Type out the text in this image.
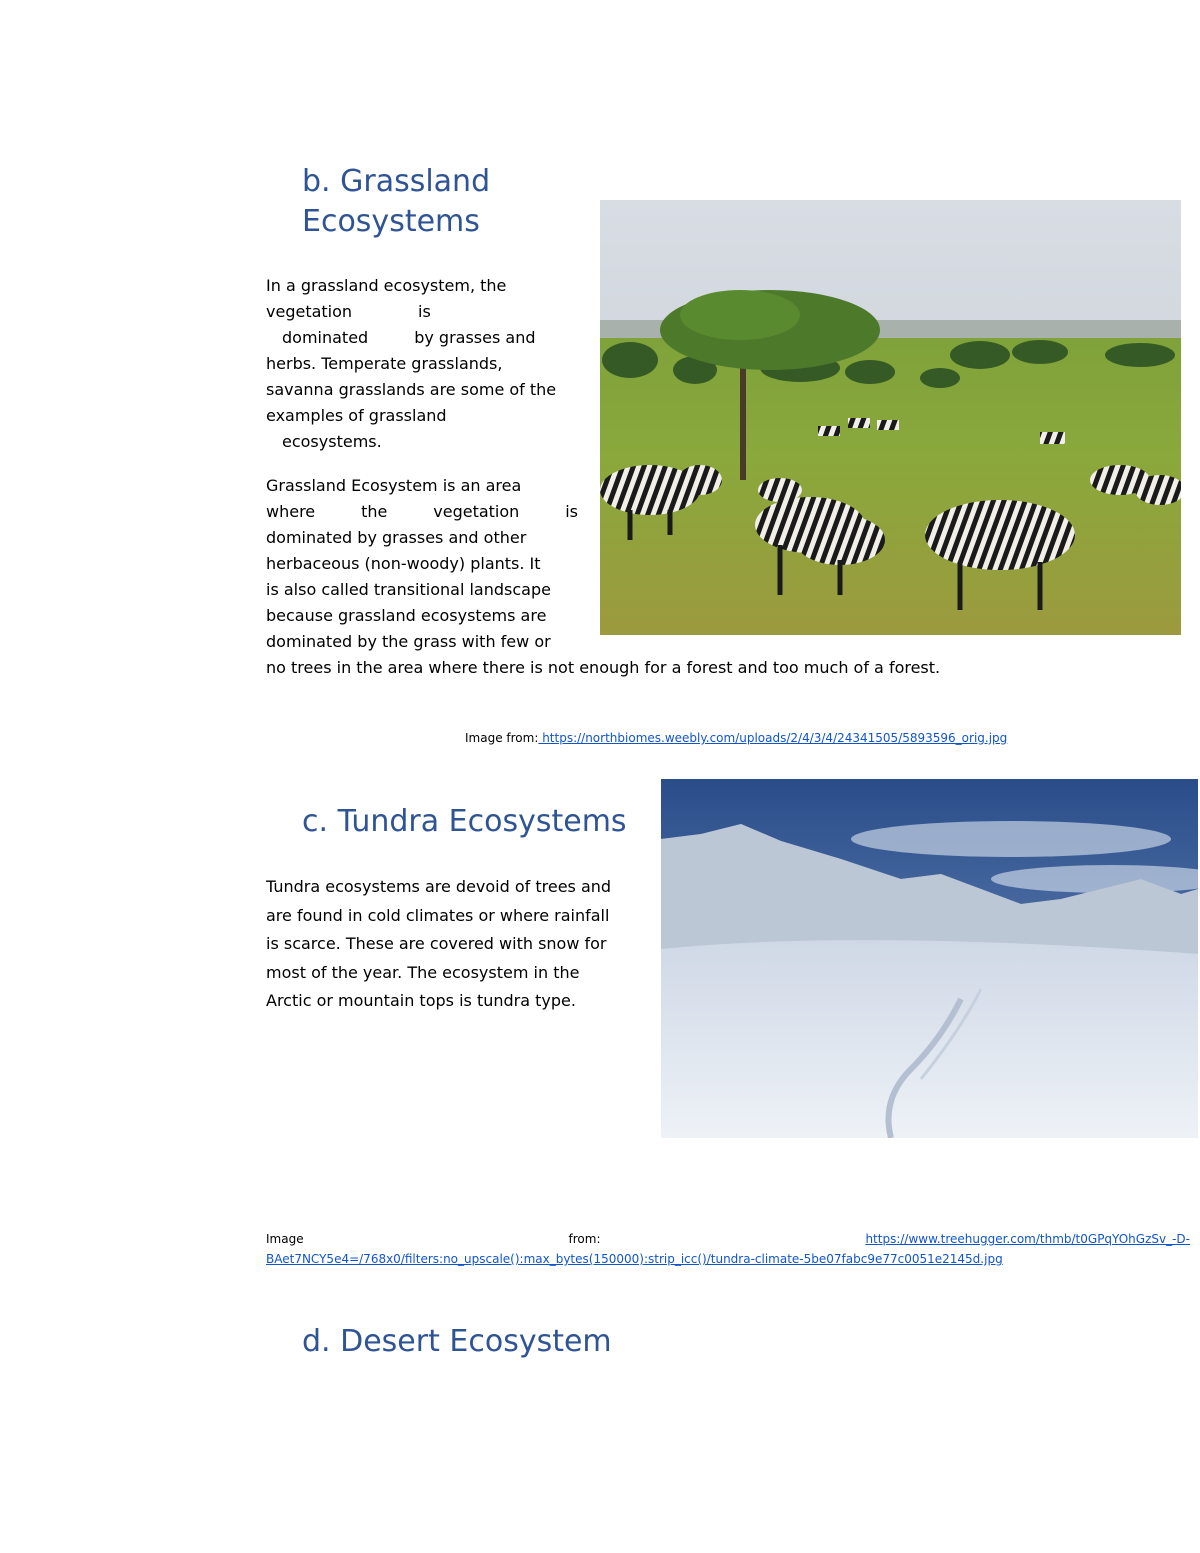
b. Grassland
Ecosystems
In a grassland ecosystem, the
vegetation	is
dominated	by grasses and
herbs. Temperate grasslands,
savanna grasslands are some of the
examples of grassland
ecosystems.
Grassland Ecosystem is an area
where	the	vegetation	is
dominated by grasses and other
herbaceous (non-woody) plants. It
is also called transitional landscape
because grassland ecosystems are
dominated by the grass with few or
no trees in the area where there is not enough for a forest and too much of a forest.
Image from: https://northbiomes.weebly.com/uploads/2/4/3/4/24341505/5893596_orig.jpg
c. Tundra Ecosystems
Tundra ecosystems are devoid of trees and
are found in cold climates or where rainfall
is scarce. These are covered with snow for
most of the year. The ecosystem in the
Arctic or mountain tops is tundra type.
Image	from:	https://www.treehugger.com/thmb/t0GPqYOhGzSv_-D-
BAet7NCY5e4=/768x0/filters:no_upscale():max_bytes(150000):strip_icc()/tundra-climate-5be07fabc9e77c0051e2145d.jpg
d. Desert Ecosystem
